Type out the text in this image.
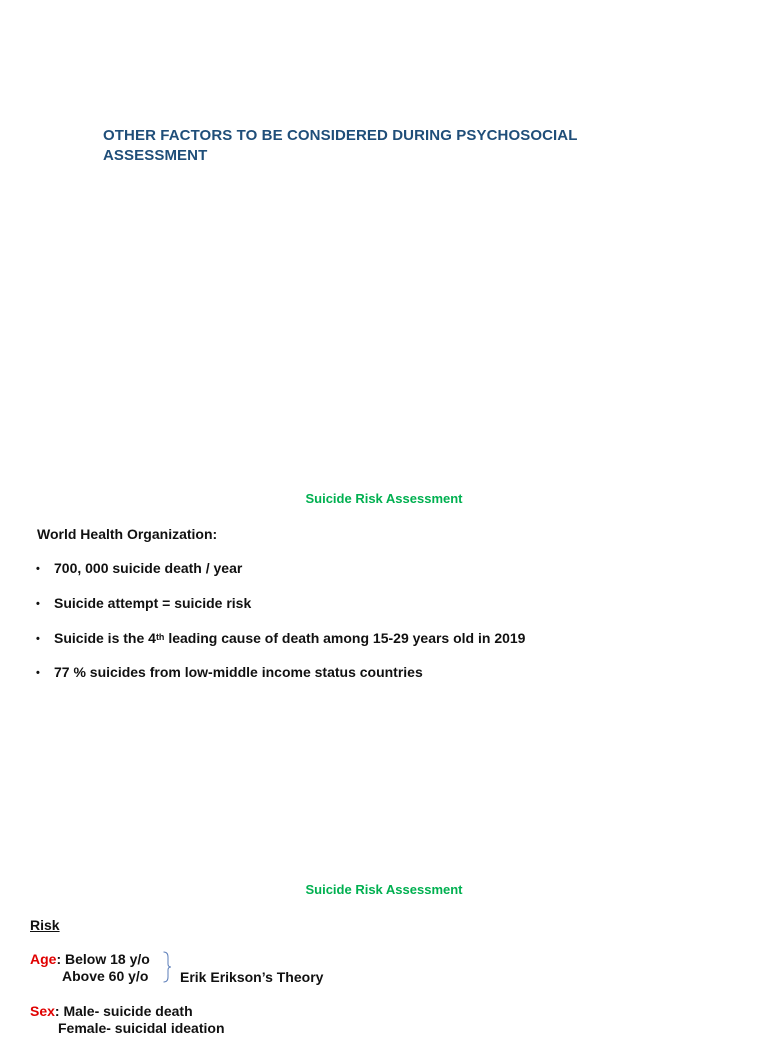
OTHER FACTORS TO BE CONSIDERED DURING PSYCHOSOCIAL
ASSESSMENT
Suicide Risk Assessment
World Health Organization:
• 700, 000 suicide death / year
• Suicide attempt = suicide risk
• Suicide is the 4th leading cause of death among 15-29 years old in 2019
• 77 % suicides from low-middle income status countries
Suicide Risk Assessment
Risk
Age: Below 18 y/o
Above 60 y/o Erik Erikson’s Theory
Sex: Male- suicide death
Female- suicidal ideation
